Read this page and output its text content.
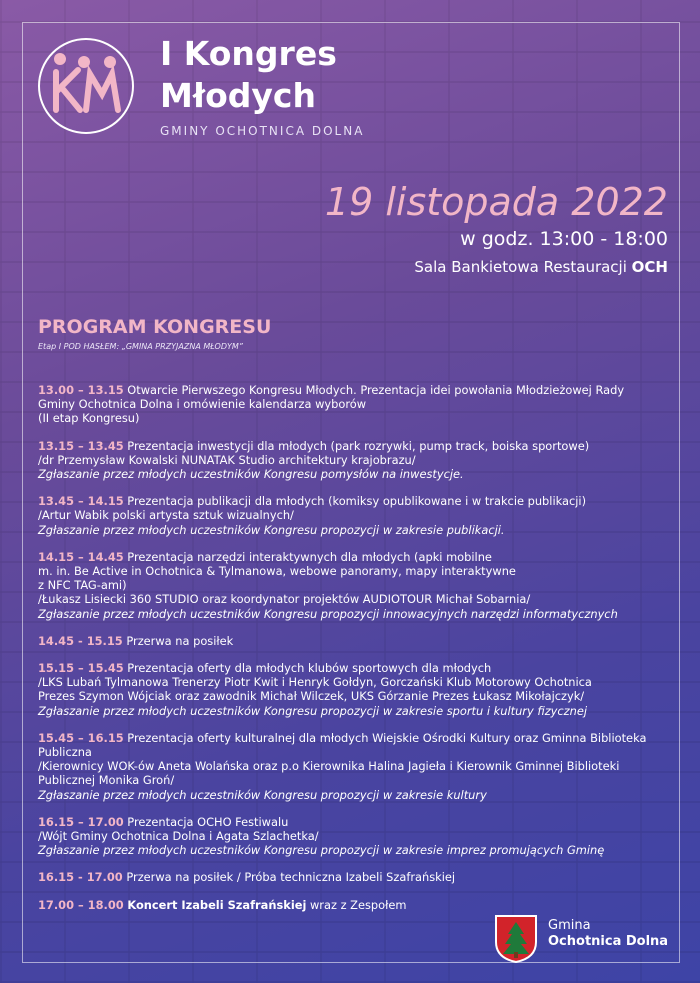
I Kongres
Młodych
GMINY OCHOTNICA DOLNA
19 listopada 2022
w godz. 13:00 - 18:00
Sala Bankietowa Restauracji OCH
PROGRAM KONGRESU
Etap I POD HASŁEM: „GMINA PRZYJAZNA MŁODYM”
13.00 – 13.15 Otwarcie Pierwszego Kongresu Młodych. Prezentacja idei powołania Młodzieżowej Rady
Gminy Ochotnica Dolna i omówienie kalendarza wyborów
(II etap Kongresu)
13.15 – 13.45 Prezentacja inwestycji dla młodych (park rozrywki, pump track, boiska sportowe)
/dr Przemysław Kowalski NUNATAK Studio architektury krajobrazu/
Zgłaszanie przez młodych uczestników Kongresu pomysłów na inwestycje.
13.45 – 14.15 Prezentacja publikacji dla młodych (komiksy opublikowane i w trakcie publikacji)
/Artur Wabik polski artysta sztuk wizualnych/
Zgłaszanie przez młodych uczestników Kongresu propozycji w zakresie publikacji.
14.15 – 14.45 Prezentacja narzędzi interaktywnych dla młodych (apki mobilne
m. in. Be Active in Ochotnica & Tylmanowa, webowe panoramy, mapy interaktywne
z NFC TAG-ami)
/Łukasz Lisiecki 360 STUDIO oraz koordynator projektów AUDIOTOUR Michał Sobarnia/
Zgłaszanie przez młodych uczestników Kongresu propozycji innowacyjnych narzędzi informatycznych
14.45 - 15.15 Przerwa na posiłek
15.15 – 15.45 Prezentacja oferty dla młodych klubów sportowych dla młodych
/LKS Lubań Tylmanowa Trenerzy Piotr Kwit i Henryk Gołdyn, Gorczański Klub Motorowy Ochotnica
Prezes Szymon Wójciak oraz zawodnik Michał Wilczek, UKS Górzanie Prezes Łukasz Mikołajczyk/
Zgłaszanie przez młodych uczestników Kongresu propozycji w zakresie sportu i kultury fizycznej
15.45 – 16.15 Prezentacja oferty kulturalnej dla młodych Wiejskie Ośrodki Kultury oraz Gminna Biblioteka
Publiczna
/Kierownicy WOK-ów Aneta Wolańska oraz p.o Kierownika Halina Jagieła i Kierownik Gminnej Biblioteki
Publicznej Monika Groń/
Zgłaszanie przez młodych uczestników Kongresu propozycji w zakresie kultury
16.15 – 17.00 Prezentacja OCHO Festiwalu
/Wójt Gminy Ochotnica Dolna i Agata Szlachetka/
Zgłaszanie przez młodych uczestników Kongresu propozycji w zakresie imprez promujących Gminę
16.15 - 17.00 Przerwa na posiłek / Próba techniczna Izabeli Szafrańskiej
17.00 – 18.00 Koncert Izabeli Szafrańskiej wraz z Zespołem
Gmina
Ochotnica Dolna
